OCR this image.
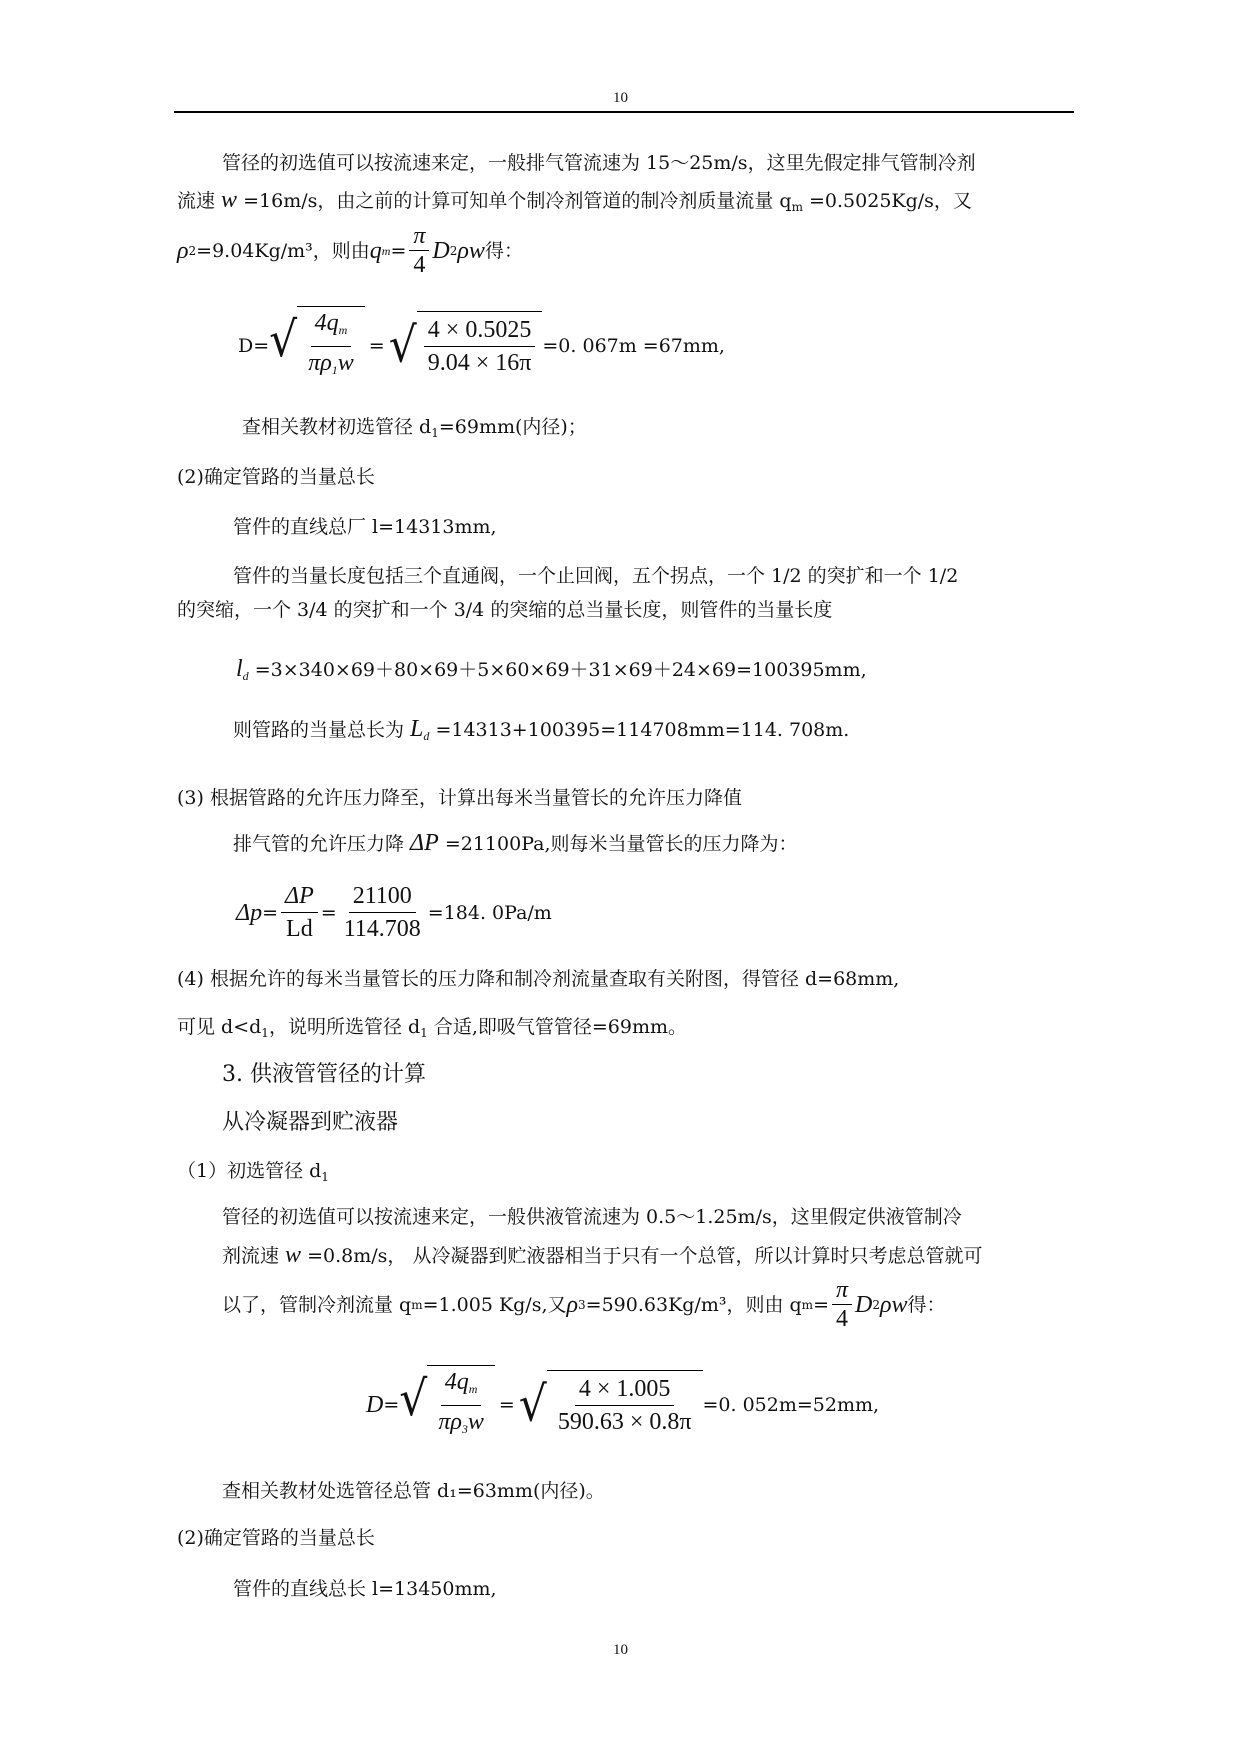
10
管径的初选值可以按流速来定，一般排气管流速为 15～25m/s，这里先假定排气管制冷剂
流速 w =16m/s，由之前的计算可知单个制冷剂管道的制冷剂质量流量 $q_m =0.5025Kg/s$，又
ρ 2 =9.04Kg/m³，则由 q $m = \frac{\pi}{4}$ D 2 ρw 得：
D= √ $\frac{4q_m}{\pi\rho_1w}$ = √ $\frac{4 \times 0.5025}{9.04 \times 16\pi} =0$. 067m =67mm,
查相关教材初选管径 $d_1=69mm$(内径)；
(2)确定管路的当量总长
管件的直线总厂 l=14313mm,
管件的当量长度包括三个直通阀，一个止回阀，五个拐点，一个 1/2 的突扩和一个 1/2
的突缩，一个 3/4 的突扩和一个 3/4 的突缩的总当量长度，则管件的当量长度
$l_d =3\times 340\times 69+80\times 69+5\times 60\times 69+31\times 69+24\times 69=100395mm$,
则管路的当量总长为 $L_d =14313+100395=114708mm=114$. 708m.
(3) 根据管路的允许压力降至，计算出每米当量管长的允许压力降值
排气管的允许压力降 ΔP =21100Pa,则每米当量管长的压力降为：
$\Delta p = \frac{\Delta P}{Ld} = \frac{21100}{114.708} =184$. 0Pa/m
(4) 根据允许的每米当量管长的压力降和制冷剂流量查取有关附图，得管径 d=68mm,
可见 $d<d_1$，说明所选管径 $d_1$ 合适,即吸气管管径=69mm。
3. 供液管管径的计算
从冷凝器到贮液器
（1）初选管径 $d_1$
管径的初选值可以按流速来定，一般供液管流速为 0.5～1.25m/s，这里假定供液管制冷
剂流速 w =0.8m/s， 从冷凝器到贮液器相当于只有一个总管，所以计算时只考虑总管就可
以了，管制冷剂流量 q m =1.005 Kg/s,又 ρ 3 =590.63Kg/m³，则由 q $m = \frac{\pi}{4}$ D 2 ρw 得：
D = √ $\frac{4q_m}{\pi\rho_3w}$ = √ $\frac{4 \times 1.005}{590.63 \times 0.8\pi} =0$. 052m=52mm,
查相关教材处选管径总管 d₁=63mm(内径)。
(2)确定管路的当量总长
管件的直线总长 l=13450mm,
10
